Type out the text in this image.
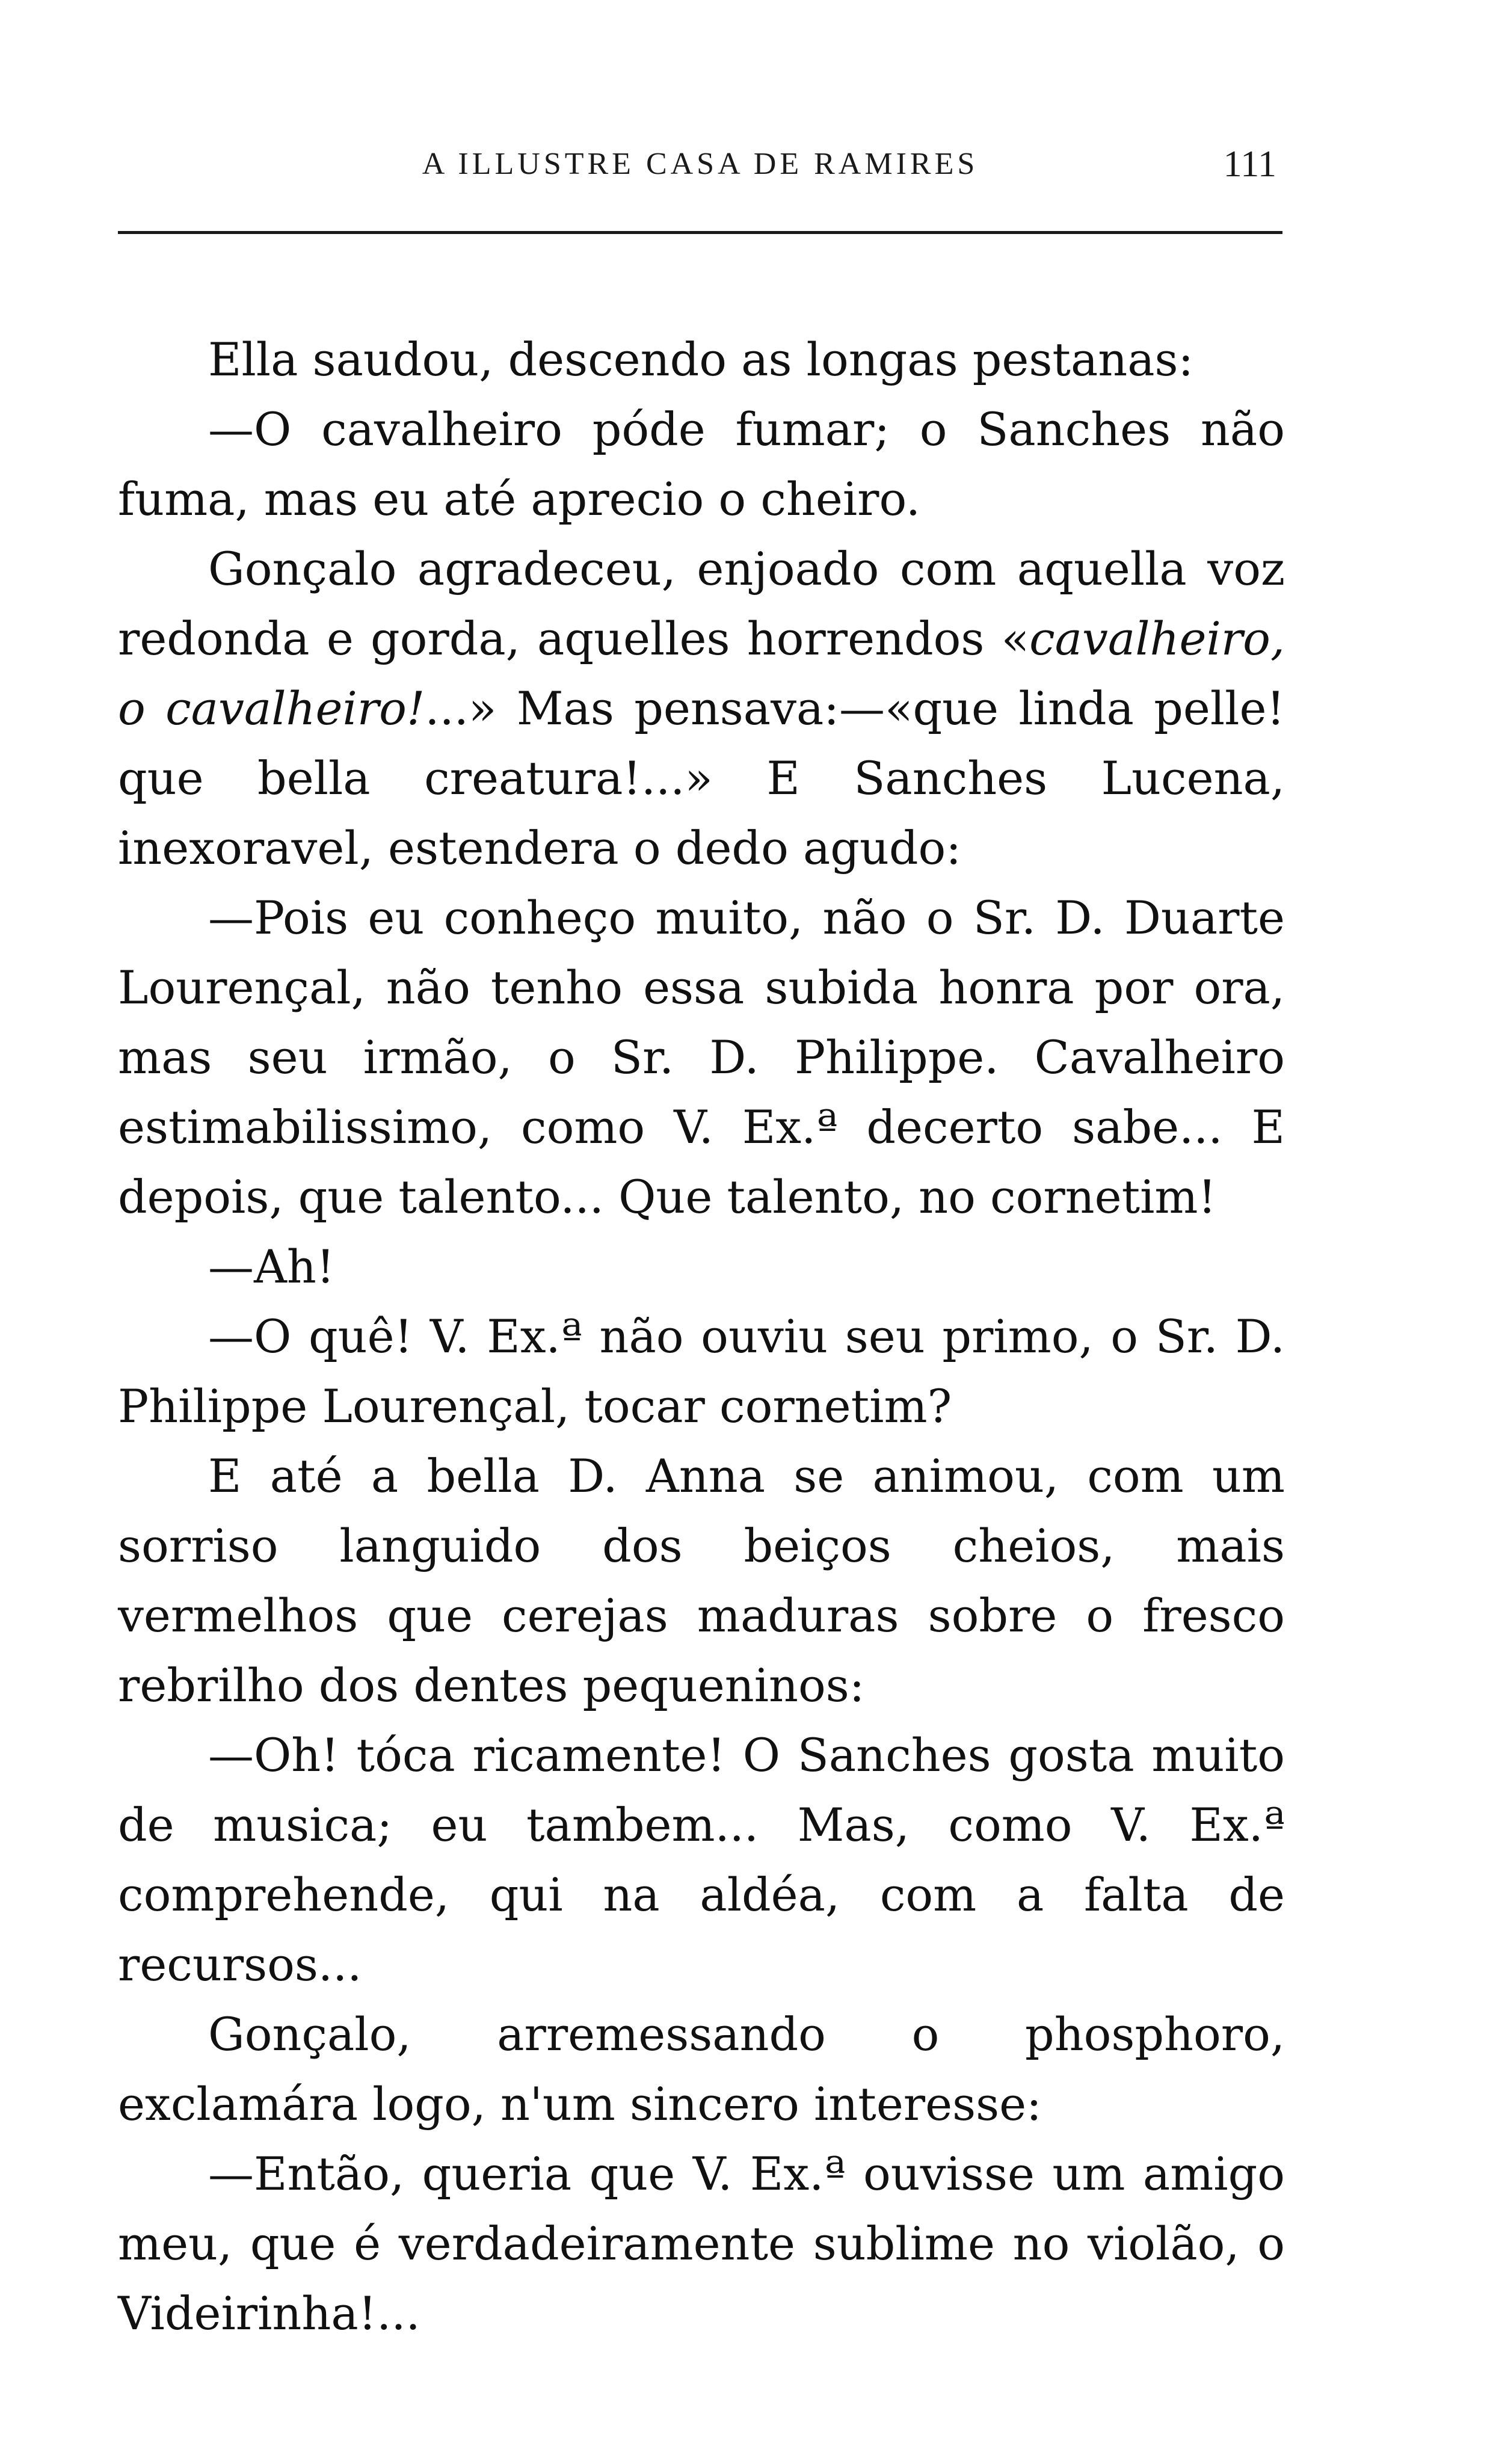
A ILLUSTRE CASA DE RAMIRES	111

Ella saudou, descendo as longas pestanas:

—O cavalheiro póde fumar; o Sanches não fuma, mas eu até aprecio o cheiro.

Gonçalo agradeceu, enjoado com aquella voz redonda e gorda, aquelles horrendos «cavalheiro, o cavalheiro!...» Mas pensava:—«que linda pelle! que bella creatura!...» E Sanches Lucena, inexoravel, estendera o dedo agudo:

—Pois eu conheço muito, não o Sr. D. Duarte Lourençal, não tenho essa subida honra por ora, mas seu irmão, o Sr. D. Philippe. Cavalheiro estimabilissimo, como V. Ex.ª decerto sabe... E depois, que talento... Que talento, no cornetim!

—Ah!

—O quê! V. Ex.ª não ouviu seu primo, o Sr. D. Philippe Lourençal, tocar cornetim?

E até a bella D. Anna se animou, com um sorriso languido dos beiços cheios, mais vermelhos que cerejas maduras sobre o fresco rebrilho dos dentes pequeninos:

—Oh! tóca ricamente! O Sanches gosta muito de musica; eu tambem... Mas, como V. Ex.ª comprehende, qui na aldéa, com a falta de recursos...

Gonçalo, arremessando o phosphoro, exclamára logo, n'um sincero interesse:

—Então, queria que V. Ex.ª ouvisse um amigo meu, que é verdadeiramente sublime no violão, o Videirinha!...
